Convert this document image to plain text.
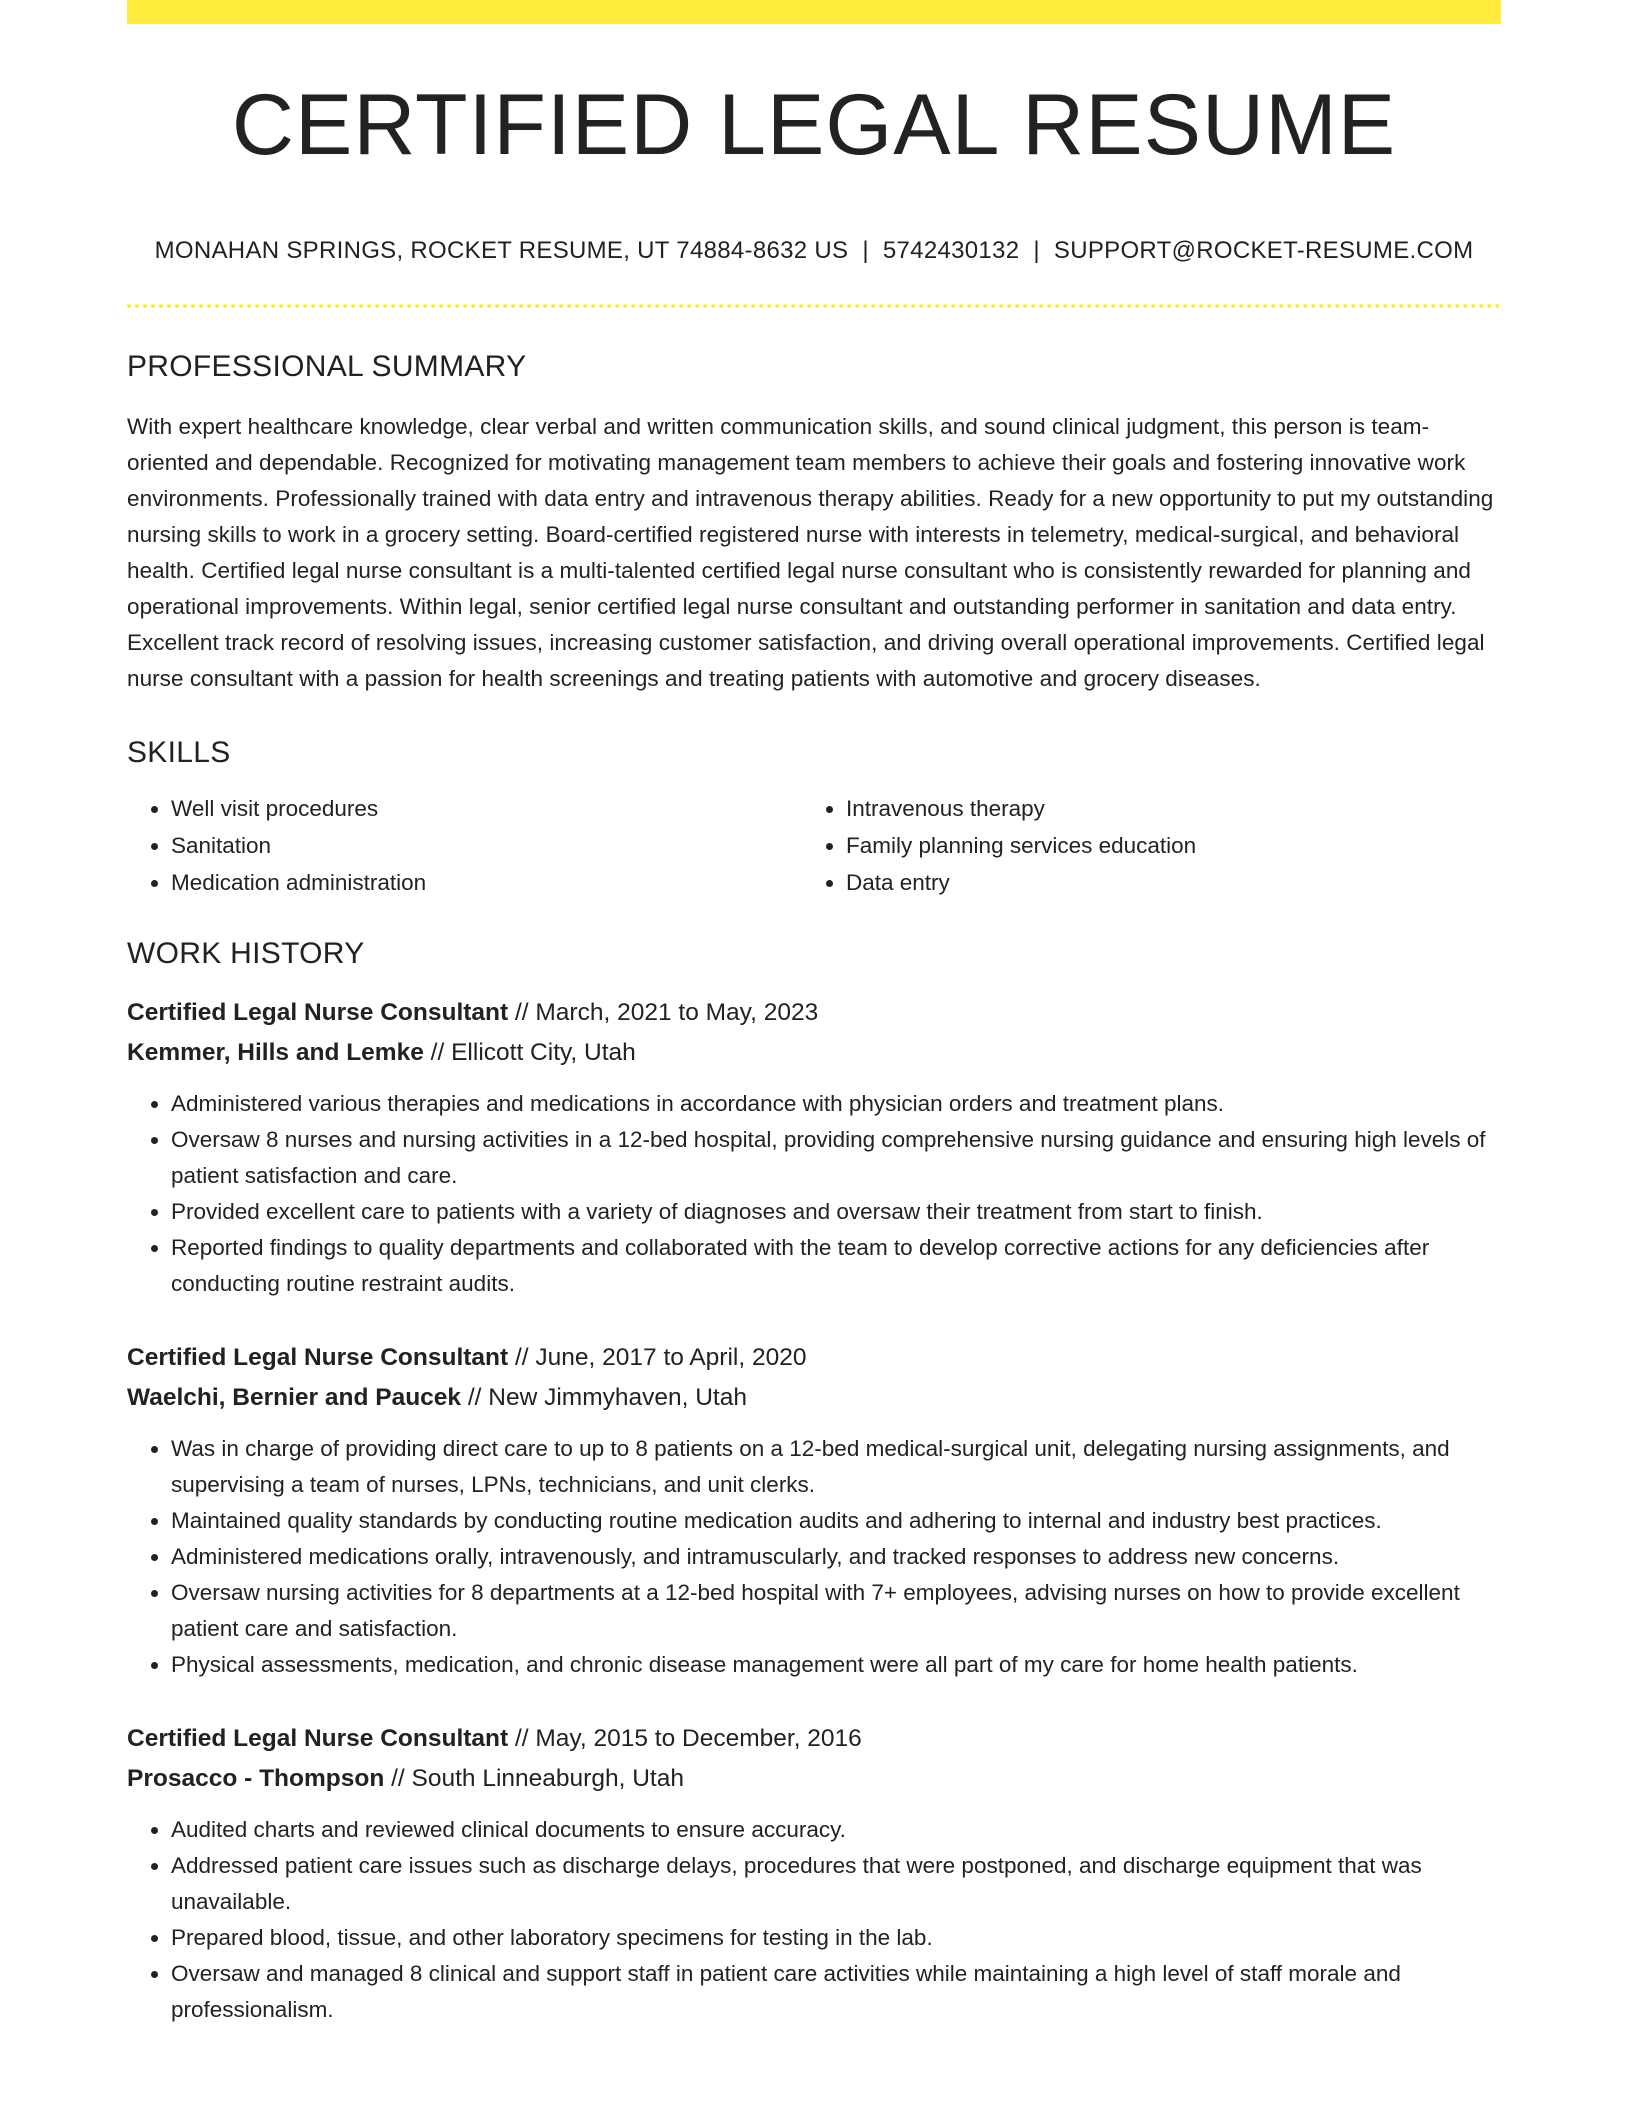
CERTIFIED LEGAL RESUME
MONAHAN SPRINGS, ROCKET RESUME, UT 74884-8632 US | 5742430132 | SUPPORT@ROCKET-RESUME.COM
PROFESSIONAL SUMMARY

With expert healthcare knowledge, clear verbal and written communication skills, and sound clinical judgment, this person is team-oriented and dependable. Recognized for motivating management team members to achieve their goals and fostering innovative work environments. Professionally trained with data entry and intravenous therapy abilities. Ready for a new opportunity to put my outstanding nursing skills to work in a grocery setting. Board-certified registered nurse with interests in telemetry, medical-surgical, and behavioral health. Certified legal nurse consultant is a multi-talented certified legal nurse consultant who is consistently rewarded for planning and operational improvements. Within legal, senior certified legal nurse consultant and outstanding performer in sanitation and data entry. Excellent track record of resolving issues, increasing customer satisfaction, and driving overall operational improvements. Certified legal nurse consultant with a passion for health screenings and treating patients with automotive and grocery diseases.

SKILLS
• Well visit procedures
• Sanitation
• Medication administration
• Intravenous therapy
• Family planning services education
• Data entry
WORK HISTORY
Certified Legal Nurse Consultant // March, 2021 to May, 2023
Kemmer, Hills and Lemke // Ellicott City, Utah
• Administered various therapies and medications in accordance with physician orders and treatment plans.
• Oversaw 8 nurses and nursing activities in a 12-bed hospital, providing comprehensive nursing guidance and ensuring high levels of patient satisfaction and care.
• Provided excellent care to patients with a variety of diagnoses and oversaw their treatment from start to finish.
• Reported findings to quality departments and collaborated with the team to develop corrective actions for any deficiencies after conducting routine restraint audits.
Certified Legal Nurse Consultant // June, 2017 to April, 2020
Waelchi, Bernier and Paucek // New Jimmyhaven, Utah
• Was in charge of providing direct care to up to 8 patients on a 12-bed medical-surgical unit, delegating nursing assignments, and supervising a team of nurses, LPNs, technicians, and unit clerks.
• Maintained quality standards by conducting routine medication audits and adhering to internal and industry best practices.
• Administered medications orally, intravenously, and intramuscularly, and tracked responses to address new concerns.
• Oversaw nursing activities for 8 departments at a 12-bed hospital with 7+ employees, advising nurses on how to provide excellent patient care and satisfaction.
• Physical assessments, medication, and chronic disease management were all part of my care for home health patients.
Certified Legal Nurse Consultant // May, 2015 to December, 2016
Prosacco - Thompson // South Linneaburgh, Utah
• Audited charts and reviewed clinical documents to ensure accuracy.
• Addressed patient care issues such as discharge delays, procedures that were postponed, and discharge equipment that was unavailable.
• Prepared blood, tissue, and other laboratory specimens for testing in the lab.
• Oversaw and managed 8 clinical and support staff in patient care activities while maintaining a high level of staff morale and professionalism.
